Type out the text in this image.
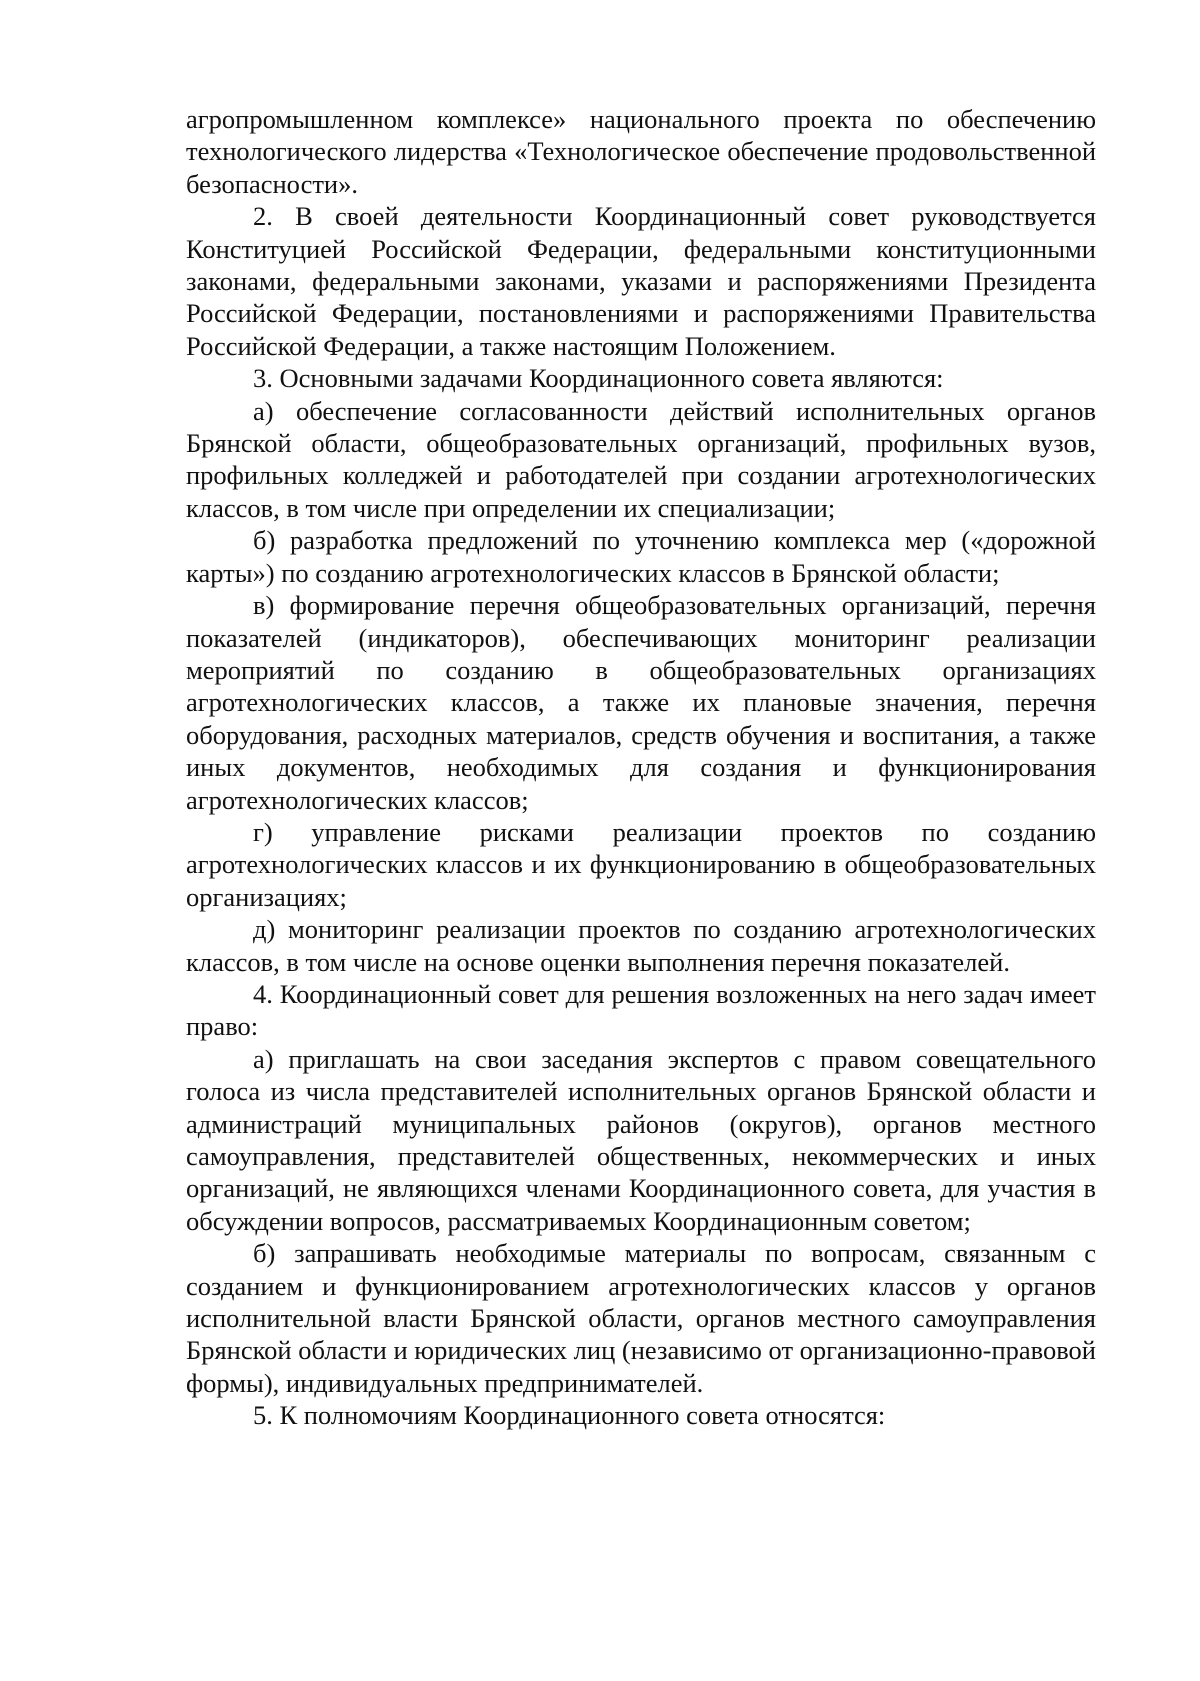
агропромышленном комплексе» национального проекта по обеспечению технологического лидерства «Технологическое обеспечение продовольственной безопасности».

2. В своей деятельности Координационный совет руководствуется Конституцией Российской Федерации, федеральными конституционными законами, федеральными законами, указами и распоряжениями Президента Российской Федерации, постановлениями и распоряжениями Правительства Российской Федерации, а также настоящим Положением.

3. Основными задачами Координационного совета являются:

а) обеспечение согласованности действий исполнительных органов Брянской области, общеобразовательных организаций, профильных вузов, профильных колледжей и работодателей при создании агротехнологических классов, в том числе при определении их специализации;

б) разработка предложений по уточнению комплекса мер («дорожной карты») по созданию агротехнологических классов в Брянской области;

в) формирование перечня общеобразовательных организаций, перечня показателей (индикаторов), обеспечивающих мониторинг реализации мероприятий по созданию в общеобразовательных организациях агротехнологических классов, а также их плановые значения, перечня оборудования, расходных материалов, средств обучения и воспитания, а также иных документов, необходимых для создания и функционирования агротехнологических классов;

г) управление рисками реализации проектов по созданию агротехнологических классов и их функционированию в общеобразовательных организациях;

д) мониторинг реализации проектов по созданию агротехнологических классов, в том числе на основе оценки выполнения перечня показателей.

4. Координационный совет для решения возложенных на него задач имеет право:

а) приглашать на свои заседания экспертов с правом совещательного голоса из числа представителей исполнительных органов Брянской области и администраций муниципальных районов (округов), органов местного самоуправления, представителей общественных, некоммерческих и иных организаций, не являющихся членами Координационного совета, для участия в обсуждении вопросов, рассматриваемых Координационным советом;

б) запрашивать необходимые материалы по вопросам, связанным с созданием и функционированием агротехнологических классов у органов исполнительной власти Брянской области, органов местного самоуправления Брянской области и юридических лиц (независимо от организационно-правовой формы), индивидуальных предпринимателей.

5. К полномочиям Координационного совета относятся:
